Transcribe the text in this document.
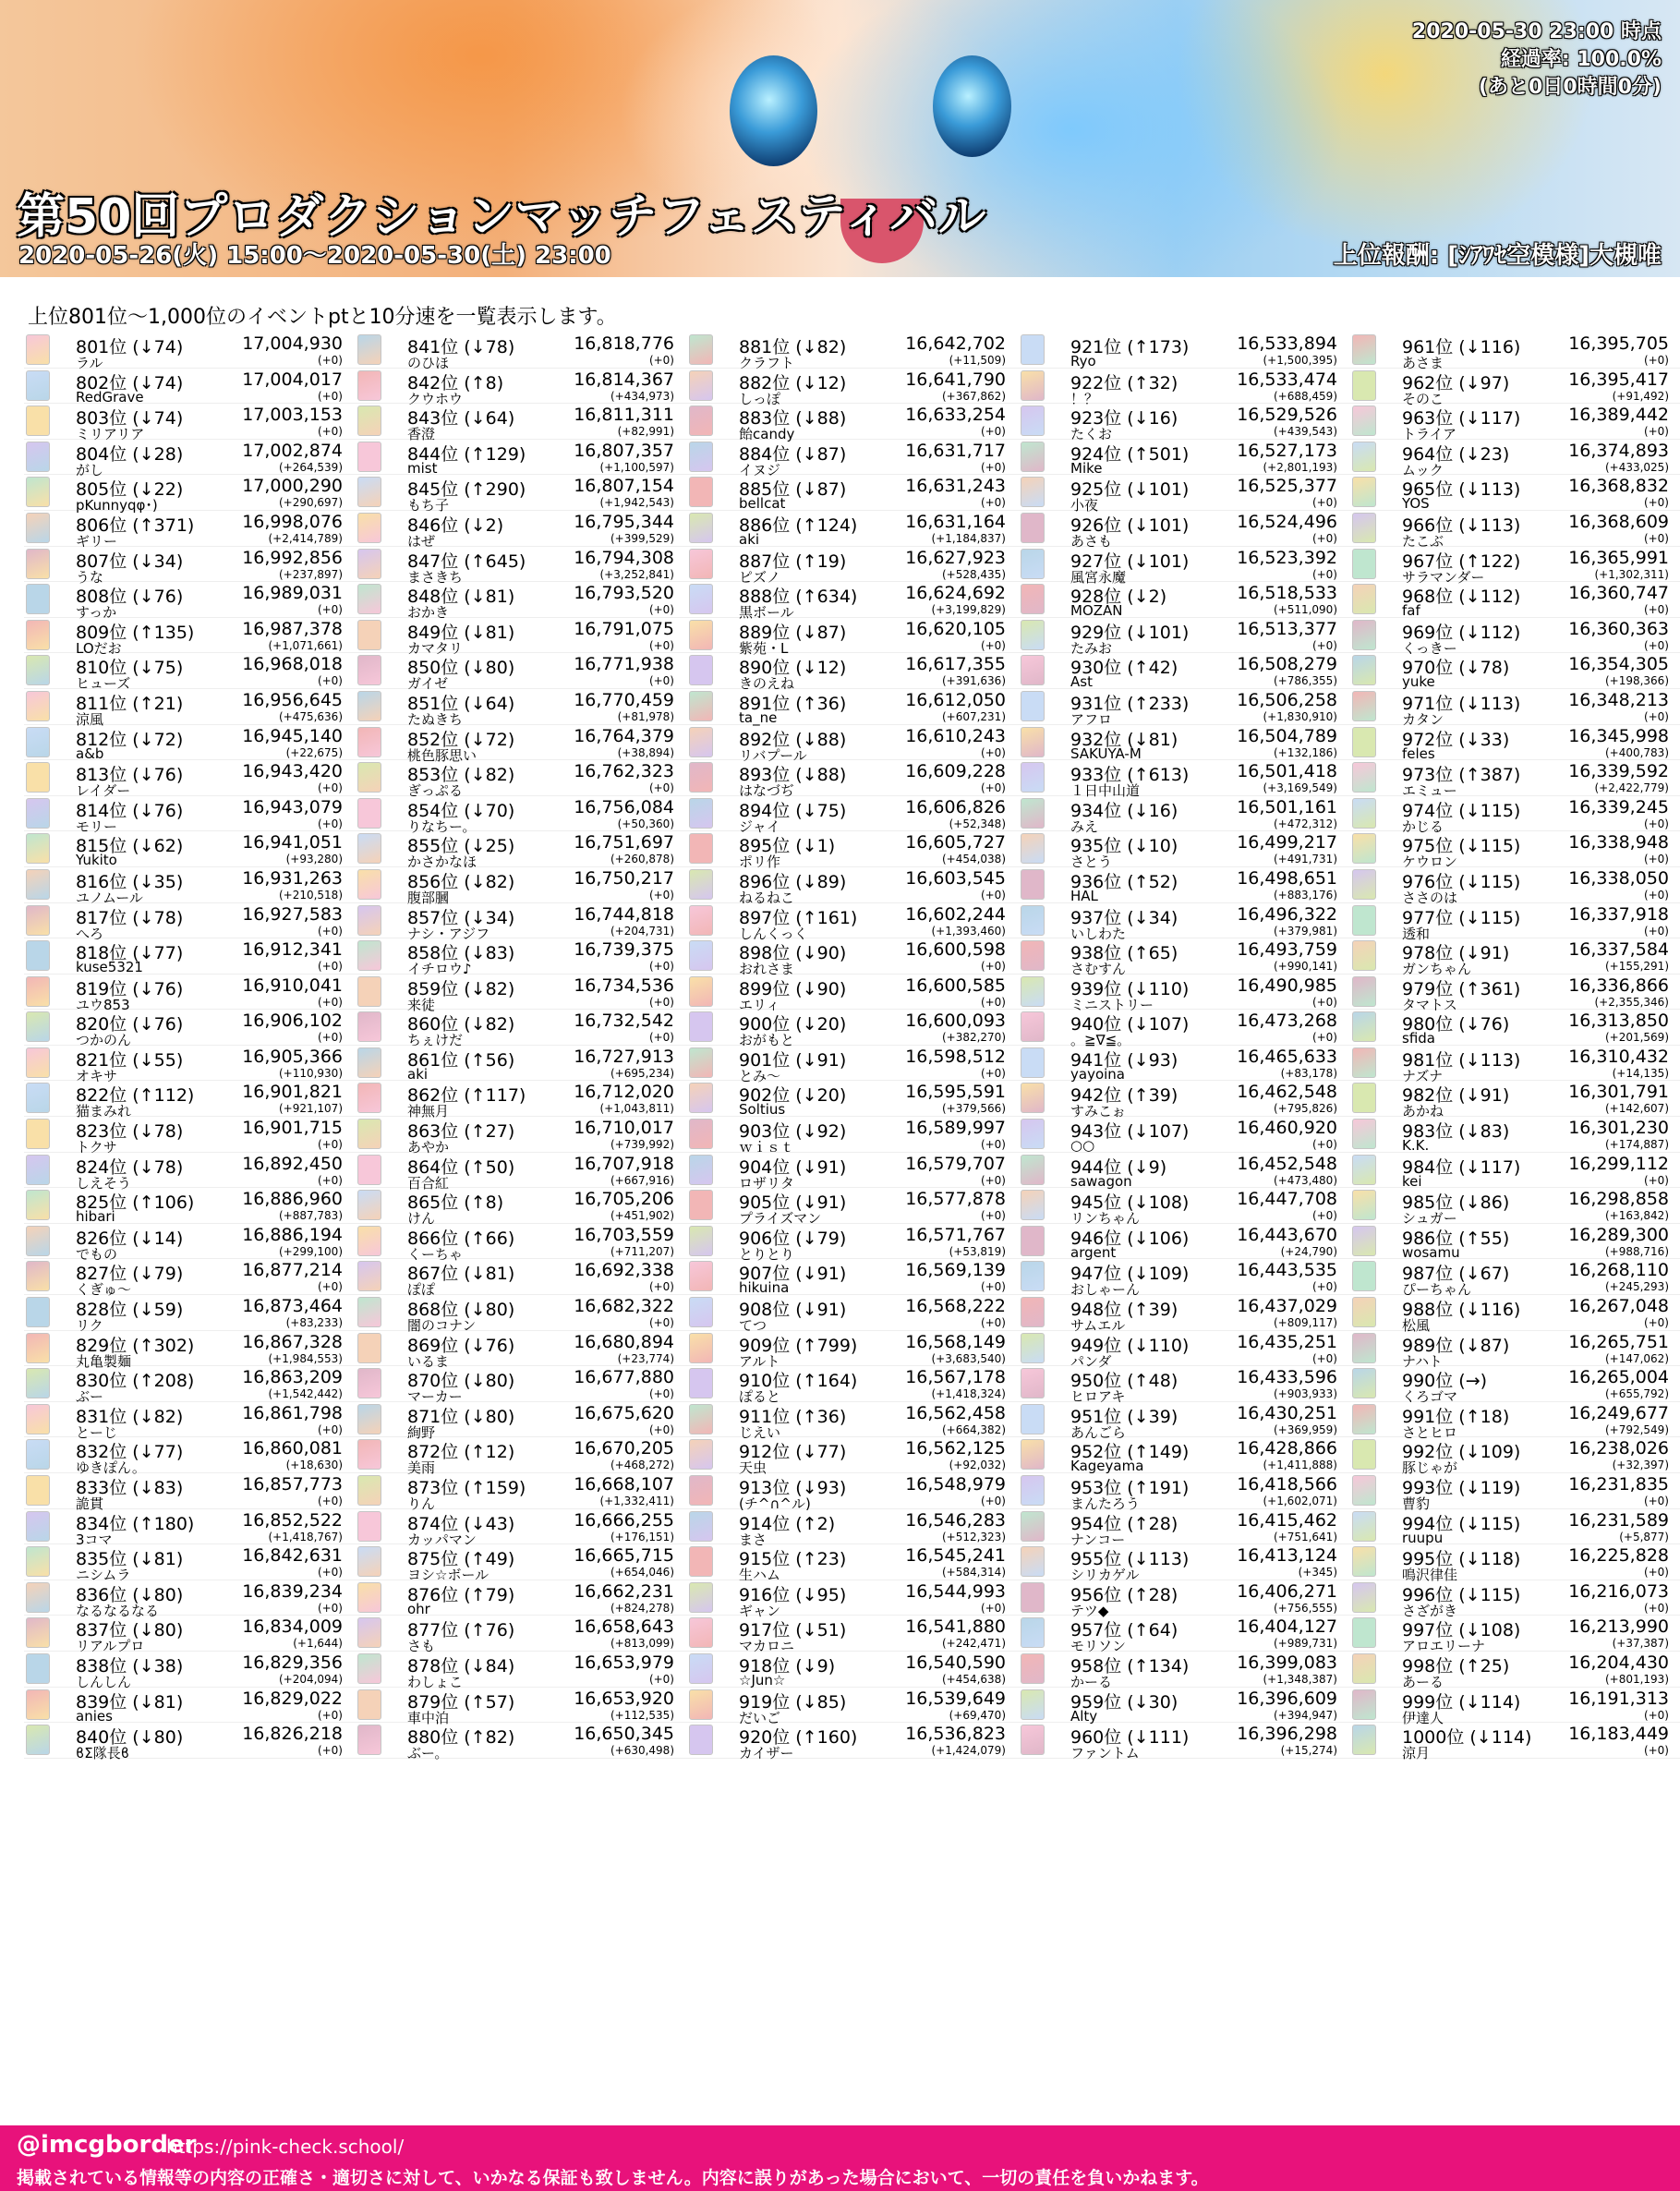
2020-05-30 23:00 時点
経過率: 100.0%
(あと0日0時間0分)
第50回プロダクションマッチフェスティバル
2020-05-26(火) 15:00〜2020-05-30(土) 23:00	上位報酬: [ｼｱﾜｾ空模様]大槻唯
上位801位〜1,000位のイベントptと10分速を一覧表示します。
801位 (↓74)
ラル
17,004,930
(+0)
802位 (↓74)
RedGrave
17,004,017
(+0)
803位 (↓74)
ミリアリア
17,003,153
(+0)
804位 (↓28)
がし
17,002,874
(+264,539)
805位 (↓22)
pKunnyqφ･)
17,000,290
(+290,697)
806位 (↑371)
ギリー
16,998,076
(+2,414,789)
807位 (↓34)
うな
16,992,856
(+237,897)
808位 (↓76)
すっか
16,989,031
(+0)
809位 (↑135)
LOだお
16,987,378
(+1,071,661)
810位 (↓75)
ヒューズ
16,968,018
(+0)
811位 (↑21)
涼風
16,956,645
(+475,636)
812位 (↓72)
a&b
16,945,140
(+22,675)
813位 (↓76)
レイダー
16,943,420
(+0)
814位 (↓76)
モリー
16,943,079
(+0)
815位 (↓62)
Yukito
16,941,051
(+93,280)
816位 (↓35)
ユノムール
16,931,263
(+210,518)
817位 (↓78)
へろ
16,927,583
(+0)
818位 (↓77)
kuse5321
16,912,341
(+0)
819位 (↓76)
ユウ853
16,910,041
(+0)
820位 (↓76)
つかのん
16,906,102
(+0)
821位 (↓55)
オキサ
16,905,366
(+110,930)
822位 (↑112)
猫まみれ
16,901,821
(+921,107)
823位 (↓78)
トクサ
16,901,715
(+0)
824位 (↓78)
しえそう
16,892,450
(+0)
825位 (↑106)
hibari
16,886,960
(+887,783)
826位 (↓14)
でもの
16,886,194
(+299,100)
827位 (↓79)
くぎゅ〜
16,877,214
(+0)
828位 (↓59)
リク
16,873,464
(+83,233)
829位 (↑302)
丸亀製麺
16,867,328
(+1,984,553)
830位 (↑208)
ぶー
16,863,209
(+1,542,442)
831位 (↓82)
とーじ
16,861,798
(+0)
832位 (↓77)
ゆきぽん。
16,860,081
(+18,630)
833位 (↓83)
詭貫
16,857,773
(+0)
834位 (↑180)
3コマ
16,852,522
(+1,418,767)
835位 (↓81)
ニシムラ
16,842,631
(+0)
836位 (↓80)
なるなるなる
16,839,234
(+0)
837位 (↓80)
リアルプロ
16,834,009
(+1,644)
838位 (↓38)
しんしん
16,829,356
(+204,094)
839位 (↓81)
anies
16,829,022
(+0)
840位 (↓80)
ϐΣ隊長ϐ
16,826,218
(+0)
841位 (↓78)
のひほ
16,818,776
(+0)
842位 (↑8)
クウホウ
16,814,367
(+434,973)
843位 (↓64)
香澄
16,811,311
(+82,991)
844位 (↑129)
mist
16,807,357
(+1,100,597)
845位 (↑290)
もち子
16,807,154
(+1,942,543)
846位 (↓2)
はぜ
16,795,344
(+399,529)
847位 (↑645)
まさきち
16,794,308
(+3,252,841)
848位 (↓81)
おかき
16,793,520
(+0)
849位 (↓81)
カマタリ
16,791,075
(+0)
850位 (↓80)
ガイゼ
16,771,938
(+0)
851位 (↓64)
たぬきち
16,770,459
(+81,978)
852位 (↓72)
桃色豚思い
16,764,379
(+38,894)
853位 (↓82)
ぎっぷる
16,762,323
(+0)
854位 (↓70)
りなちー。
16,756,084
(+50,360)
855位 (↓25)
かさかなほ
16,751,697
(+260,878)
856位 (↓82)
腹部膕
16,750,217
(+0)
857位 (↓34)
ナシ・アジフ
16,744,818
(+204,731)
858位 (↓83)
イチロウ♪
16,739,375
(+0)
859位 (↓82)
来徒
16,734,536
(+0)
860位 (↓82)
ちぇけだ
16,732,542
(+0)
861位 (↑56)
aki
16,727,913
(+695,234)
862位 (↑117)
神無月
16,712,020
(+1,043,811)
863位 (↑27)
あやか
16,710,017
(+739,992)
864位 (↑50)
百合紅
16,707,918
(+667,916)
865位 (↑8)
けん
16,705,206
(+451,902)
866位 (↑66)
くーちゃ
16,703,559
(+711,207)
867位 (↓81)
ぽぽ
16,692,338
(+0)
868位 (↓80)
闇のコナン
16,682,322
(+0)
869位 (↓76)
いるま
16,680,894
(+23,774)
870位 (↓80)
マーカー
16,677,880
(+0)
871位 (↓80)
絢野
16,675,620
(+0)
872位 (↑12)
美雨
16,670,205
(+468,272)
873位 (↑159)
りん
16,668,107
(+1,332,411)
874位 (↓43)
カッパマン
16,666,255
(+176,151)
875位 (↑49)
ヨシ☆ボール
16,665,715
(+654,046)
876位 (↑79)
ohr
16,662,231
(+824,278)
877位 (↑76)
さも
16,658,643
(+813,099)
878位 (↓84)
わしょこ
16,653,979
(+0)
879位 (↑57)
車中泊
16,653,920
(+112,535)
880位 (↑82)
ぶー。
16,650,345
(+630,498)
881位 (↓82)
クラフト
16,642,702
(+11,509)
882位 (↓12)
しっぽ
16,641,790
(+367,862)
883位 (↓88)
飴candy
16,633,254
(+0)
884位 (↓87)
イヌジ
16,631,717
(+0)
885位 (↓87)
bellcat
16,631,243
(+0)
886位 (↑124)
aki
16,631,164
(+1,184,837)
887位 (↑19)
ピズノ
16,627,923
(+528,435)
888位 (↑634)
黒ボール
16,624,692
(+3,199,829)
889位 (↓87)
紫苑・L
16,620,105
(+0)
890位 (↓12)
きのえね
16,617,355
(+391,636)
891位 (↑36)
ta_ne
16,612,050
(+607,231)
892位 (↓88)
リバプール
16,610,243
(+0)
893位 (↓88)
はなづぢ
16,609,228
(+0)
894位 (↓75)
ジャイ
16,606,826
(+52,348)
895位 (↓1)
ポリ作
16,605,727
(+454,038)
896位 (↓89)
ねるねこ
16,603,545
(+0)
897位 (↑161)
しんくっく
16,602,244
(+1,393,460)
898位 (↓90)
おれさま
16,600,598
(+0)
899位 (↓90)
エリィ
16,600,585
(+0)
900位 (↓20)
おがもと
16,600,093
(+382,270)
901位 (↓91)
とみ〜
16,598,512
(+0)
902位 (↓20)
Soltius
16,595,591
(+379,566)
903位 (↓92)
ｗｉｓｔ
16,589,997
(+0)
904位 (↓91)
ロザリタ
16,579,707
(+0)
905位 (↓91)
プライズマン
16,577,878
(+0)
906位 (↓79)
とりとり
16,571,767
(+53,819)
907位 (↓91)
hikuina
16,569,139
(+0)
908位 (↓91)
てつ
16,568,222
(+0)
909位 (↑799)
アルト
16,568,149
(+3,683,540)
910位 (↑164)
ぽると
16,567,178
(+1,418,324)
911位 (↑36)
じえい
16,562,458
(+664,382)
912位 (↓77)
天虫
16,562,125
(+92,032)
913位 (↓93)
(チ^∩^ル)
16,548,979
(+0)
914位 (↑2)
まさ
16,546,283
(+512,323)
915位 (↑23)
生ハム
16,545,241
(+584,314)
916位 (↓95)
ギャン
16,544,993
(+0)
917位 (↓51)
マカロニ
16,541,880
(+242,471)
918位 (↓9)
☆Jun☆
16,540,590
(+454,638)
919位 (↓85)
だいご
16,539,649
(+69,470)
920位 (↑160)
カイザー
16,536,823
(+1,424,079)
921位 (↑173)
Ryo
16,533,894
(+1,500,395)
922位 (↑32)
！？
16,533,474
(+688,459)
923位 (↓16)
たくお
16,529,526
(+439,543)
924位 (↑501)
Mike
16,527,173
(+2,801,193)
925位 (↓101)
小夜
16,525,377
(+0)
926位 (↓101)
あさも
16,524,496
(+0)
927位 (↓101)
風宮永魔
16,523,392
(+0)
928位 (↓2)
MOZAN
16,518,533
(+511,090)
929位 (↓101)
たみお
16,513,377
(+0)
930位 (↑42)
Ast
16,508,279
(+786,355)
931位 (↑233)
アフロ
16,506,258
(+1,830,910)
932位 (↓81)
SAKUYA-M
16,504,789
(+132,186)
933位 (↑613)
１日中山道
16,501,418
(+3,169,549)
934位 (↓16)
みえ
16,501,161
(+472,312)
935位 (↓10)
さとう
16,499,217
(+491,731)
936位 (↑52)
HAL
16,498,651
(+883,176)
937位 (↓34)
いしわた
16,496,322
(+379,981)
938位 (↑65)
さむすん
16,493,759
(+990,141)
939位 (↓110)
ミニストリー
16,490,985
(+0)
940位 (↓107)
。≧∇≦。
16,473,268
(+0)
941位 (↓93)
yayoina
16,465,633
(+83,178)
942位 (↑39)
すみこぉ
16,462,548
(+795,826)
943位 (↓107)
○○
16,460,920
(+0)
944位 (↓9)
sawagon
16,452,548
(+473,480)
945位 (↓108)
リンちゃん
16,447,708
(+0)
946位 (↓106)
argent
16,443,670
(+24,790)
947位 (↓109)
おしゃーん
16,443,535
(+0)
948位 (↑39)
サムエル
16,437,029
(+809,117)
949位 (↓110)
パンダ
16,435,251
(+0)
950位 (↑48)
ヒロアキ
16,433,596
(+903,933)
951位 (↓39)
あんごら
16,430,251
(+369,959)
952位 (↑149)
Kageyama
16,428,866
(+1,411,888)
953位 (↑191)
まんたろう
16,418,566
(+1,602,071)
954位 (↑28)
ナンコー
16,415,462
(+751,641)
955位 (↓113)
シリカゲル
16,413,124
(+345)
956位 (↑28)
テツ◆
16,406,271
(+756,555)
957位 (↑64)
モリソン
16,404,127
(+989,731)
958位 (↑134)
かーる
16,399,083
(+1,348,387)
959位 (↓30)
Alty
16,396,609
(+394,947)
960位 (↓111)
ファントム
16,396,298
(+15,274)
961位 (↓116)
あさま
16,395,705
(+0)
962位 (↓97)
そのこ
16,395,417
(+91,492)
963位 (↓117)
トライア
16,389,442
(+0)
964位 (↓23)
ムック
16,374,893
(+433,025)
965位 (↓113)
YOS
16,368,832
(+0)
966位 (↓113)
たこぶ
16,368,609
(+0)
967位 (↑122)
サラマンダー
16,365,991
(+1,302,311)
968位 (↓112)
faf
16,360,747
(+0)
969位 (↓112)
くっきー
16,360,363
(+0)
970位 (↓78)
yuke
16,354,305
(+198,366)
971位 (↓113)
カタン
16,348,213
(+0)
972位 (↓33)
feles
16,345,998
(+400,783)
973位 (↑387)
エミュー
16,339,592
(+2,422,779)
974位 (↓115)
かじる
16,339,245
(+0)
975位 (↓115)
ケウロン
16,338,948
(+0)
976位 (↓115)
ささのは
16,338,050
(+0)
977位 (↓115)
透和
16,337,918
(+0)
978位 (↓91)
ガンちゃん
16,337,584
(+155,291)
979位 (↑361)
タマトス
16,336,866
(+2,355,346)
980位 (↓76)
sfida
16,313,850
(+201,569)
981位 (↓113)
ナズナ
16,310,432
(+14,135)
982位 (↓91)
あかね
16,301,791
(+142,607)
983位 (↓83)
K.K.
16,301,230
(+174,887)
984位 (↓117)
kei
16,299,112
(+0)
985位 (↓86)
シュガー
16,298,858
(+163,842)
986位 (↑55)
wosamu
16,289,300
(+988,716)
987位 (↓67)
ぴーちゃん
16,268,110
(+245,293)
988位 (↓116)
松風
16,267,048
(+0)
989位 (↓87)
ナハト
16,265,751
(+147,062)
990位 (→)
くろゴマ
16,265,004
(+655,792)
991位 (↑18)
さとヒロ
16,249,677
(+792,549)
992位 (↓109)
豚じゃが
16,238,026
(+32,397)
993位 (↓119)
曹豹
16,231,835
(+0)
994位 (↓115)
ruupu
16,231,589
(+5,877)
995位 (↓118)
鳴沢律佳
16,225,828
(+0)
996位 (↓115)
さざがき
16,216,073
(+0)
997位 (↓108)
アロエリーナ
16,213,990
(+37,387)
998位 (↑25)
あーる
16,204,430
(+801,193)
999位 (↓114)
伊達人
16,191,313
(+0)
1000位 (↓114)
涼月
16,183,449
(+0)
@imcgborder
https://pink-check.school/
掲載されている情報等の内容の正確さ・適切さに対して、いかなる保証も致しません。内容に誤りがあった場合において、一切の責任を負いかねます。
